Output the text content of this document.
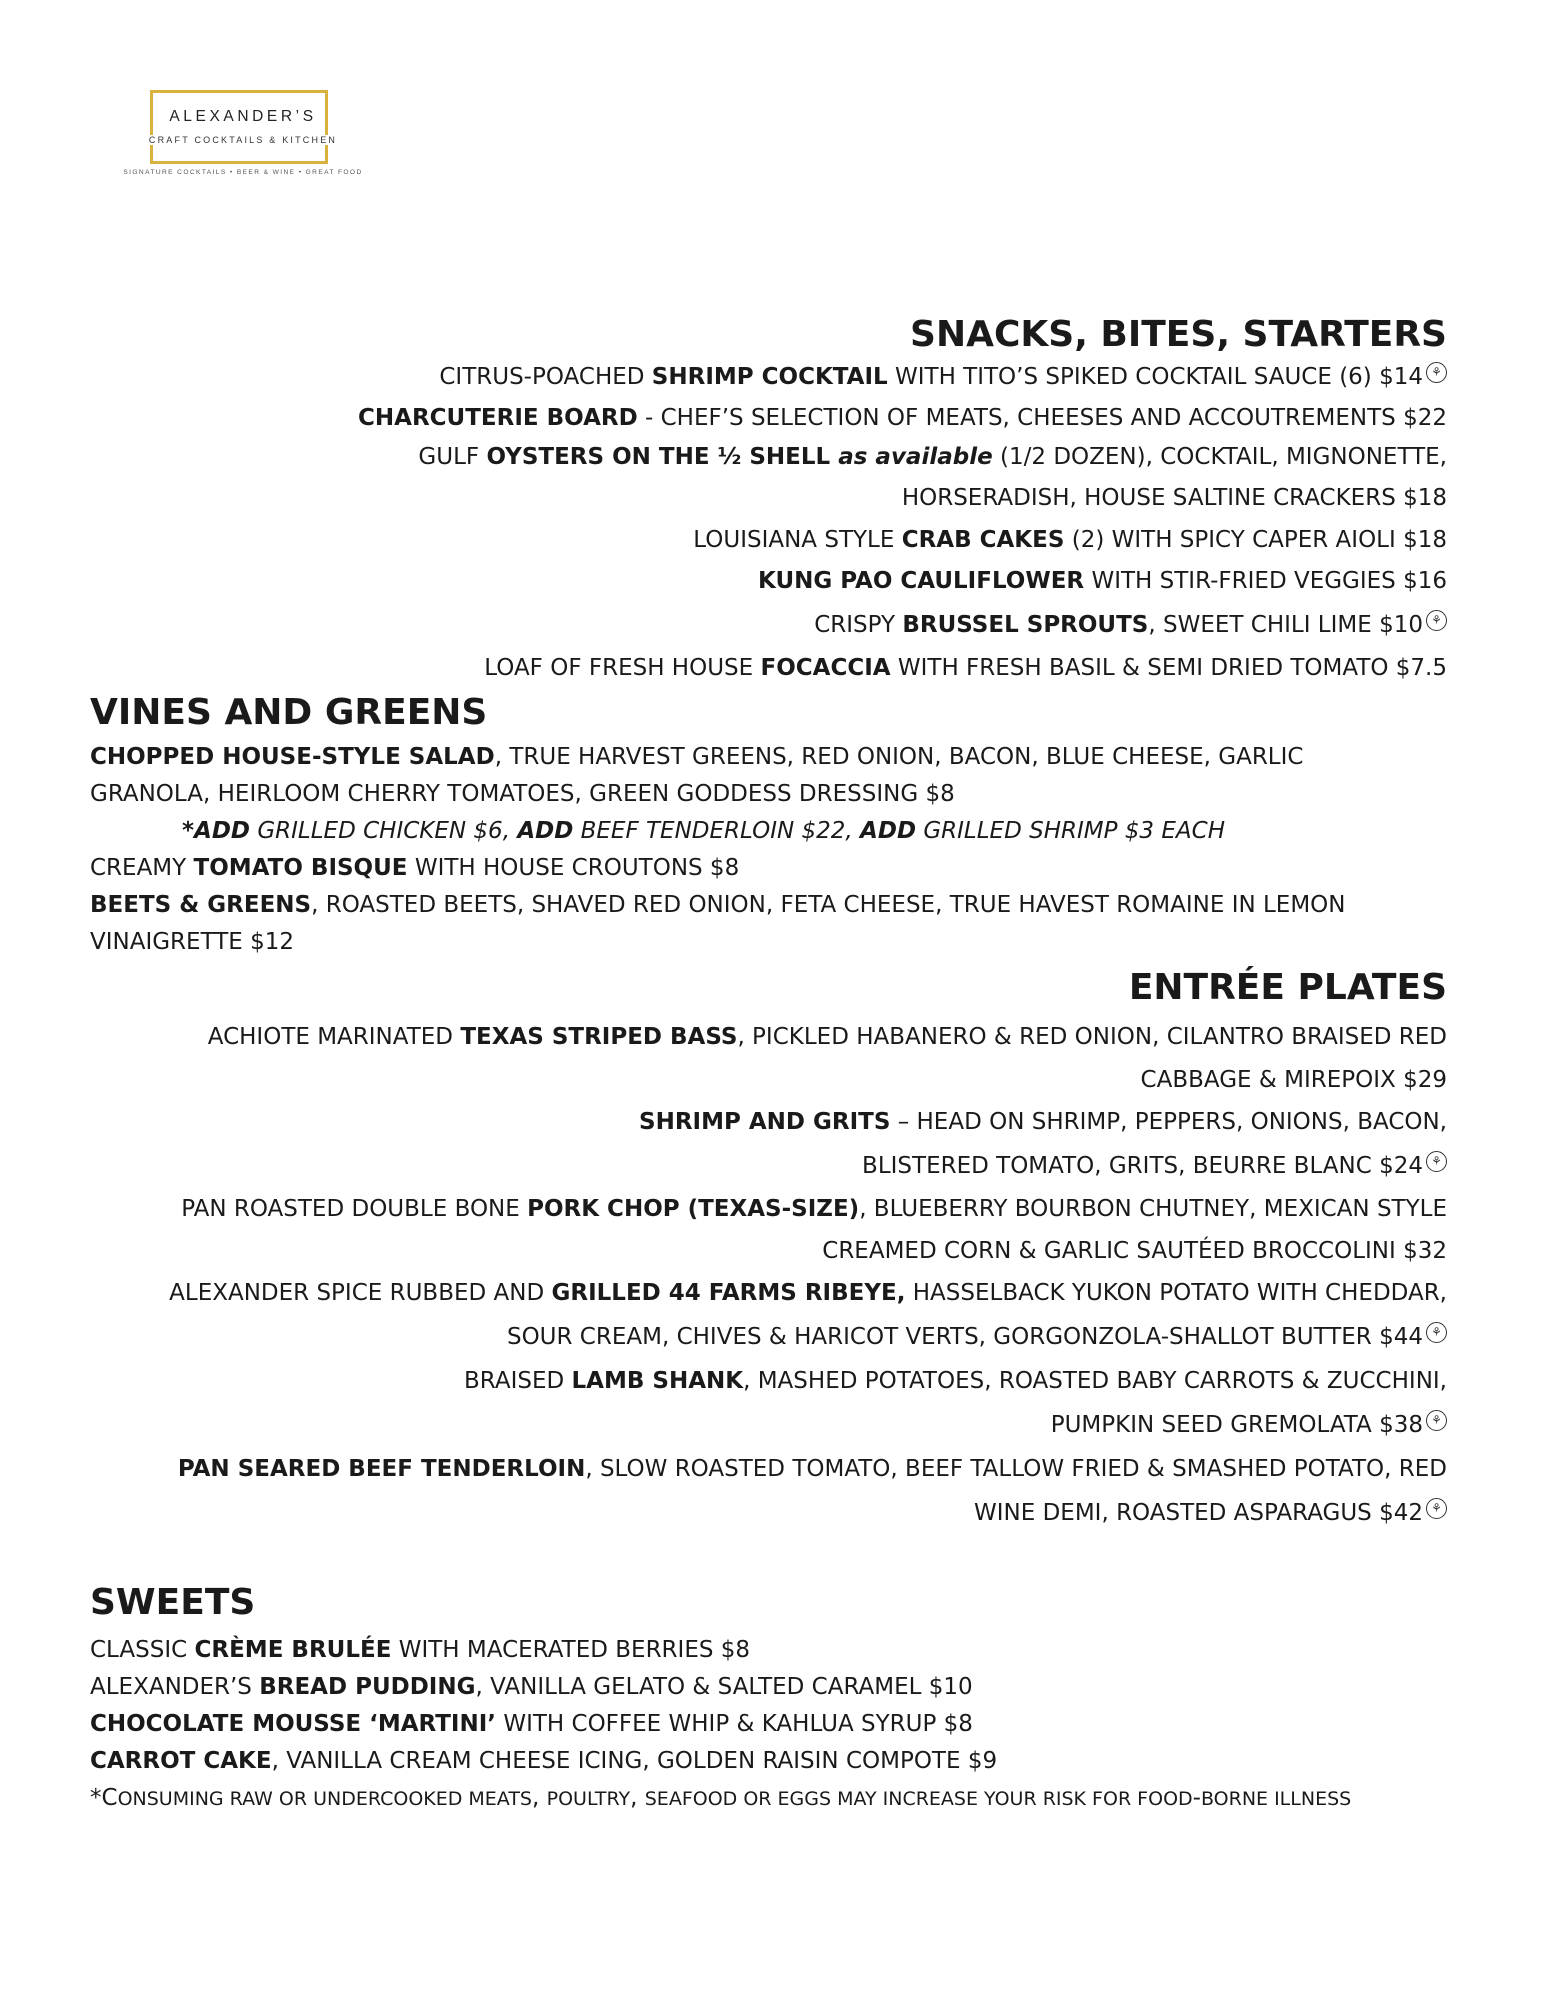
ALEXANDER’S
CRAFT COCKTAILS & KITCHEN
SIGNATURE COCKTAILS • BEER & WINE • GREAT FOOD
SNACKS, BITES, STARTERS
CITRUS-POACHED SHRIMP COCKTAIL WITH TITO’S SPIKED COCKTAIL SAUCE (6) $14 ⚘
CHARCUTERIE BOARD - CHEF’S SELECTION OF MEATS, CHEESES AND ACCOUTREMENTS $22
GULF OYSTERS ON THE ½ SHELL as available (1/2 DOZEN), COCKTAIL, MIGNONETTE,
HORSERADISH, HOUSE SALTINE CRACKERS $18
LOUISIANA STYLE CRAB CAKES (2) WITH SPICY CAPER AIOLI $18
KUNG PAO CAULIFLOWER WITH STIR-FRIED VEGGIES $16
CRISPY BRUSSEL SPROUTS, SWEET CHILI LIME $10 ⚘
LOAF OF FRESH HOUSE FOCACCIA WITH FRESH BASIL & SEMI DRIED TOMATO $7.5
VINES AND GREENS
CHOPPED HOUSE-STYLE SALAD, TRUE HARVEST GREENS, RED ONION, BACON, BLUE CHEESE, GARLIC
GRANOLA, HEIRLOOM CHERRY TOMATOES, GREEN GODDESS DRESSING $8
*ADD GRILLED CHICKEN $6, ADD BEEF TENDERLOIN $22, ADD GRILLED SHRIMP $3 EACH
CREAMY TOMATO BISQUE WITH HOUSE CROUTONS $8
BEETS & GREENS, ROASTED BEETS, SHAVED RED ONION, FETA CHEESE, TRUE HAVEST ROMAINE IN LEMON
VINAIGRETTE $12
ENTRÉE PLATES
ACHIOTE MARINATED TEXAS STRIPED BASS, PICKLED HABANERO & RED ONION, CILANTRO BRAISED RED
CABBAGE & MIREPOIX $29
SHRIMP AND GRITS – HEAD ON SHRIMP, PEPPERS, ONIONS, BACON,
BLISTERED TOMATO, GRITS, BEURRE BLANC $24 ⚘
PAN ROASTED DOUBLE BONE PORK CHOP (TEXAS-SIZE), BLUEBERRY BOURBON CHUTNEY, MEXICAN STYLE
CREAMED CORN & GARLIC SAUTÉED BROCCOLINI $32
ALEXANDER SPICE RUBBED AND GRILLED 44 FARMS RIBEYE, HASSELBACK YUKON POTATO WITH CHEDDAR,
SOUR CREAM, CHIVES & HARICOT VERTS, GORGONZOLA-SHALLOT BUTTER $44 ⚘
BRAISED LAMB SHANK, MASHED POTATOES, ROASTED BABY CARROTS & ZUCCHINI,
PUMPKIN SEED GREMOLATA $38 ⚘
PAN SEARED BEEF TENDERLOIN, SLOW ROASTED TOMATO, BEEF TALLOW FRIED & SMASHED POTATO, RED
WINE DEMI, ROASTED ASPARAGUS $42 ⚘
SWEETS
CLASSIC CRÈME BRULÉE WITH MACERATED BERRIES $8
ALEXANDER’S BREAD PUDDING, VANILLA GELATO & SALTED CARAMEL $10
CHOCOLATE MOUSSE ‘MARTINI’ WITH COFFEE WHIP & KAHLUA SYRUP $8
CARROT CAKE, VANILLA CREAM CHEESE ICING, GOLDEN RAISIN COMPOTE $9
*CONSUMING RAW OR UNDERCOOKED MEATS, POULTRY, SEAFOOD OR EGGS MAY INCREASE YOUR RISK FOR FOOD-BORNE ILLNESS
